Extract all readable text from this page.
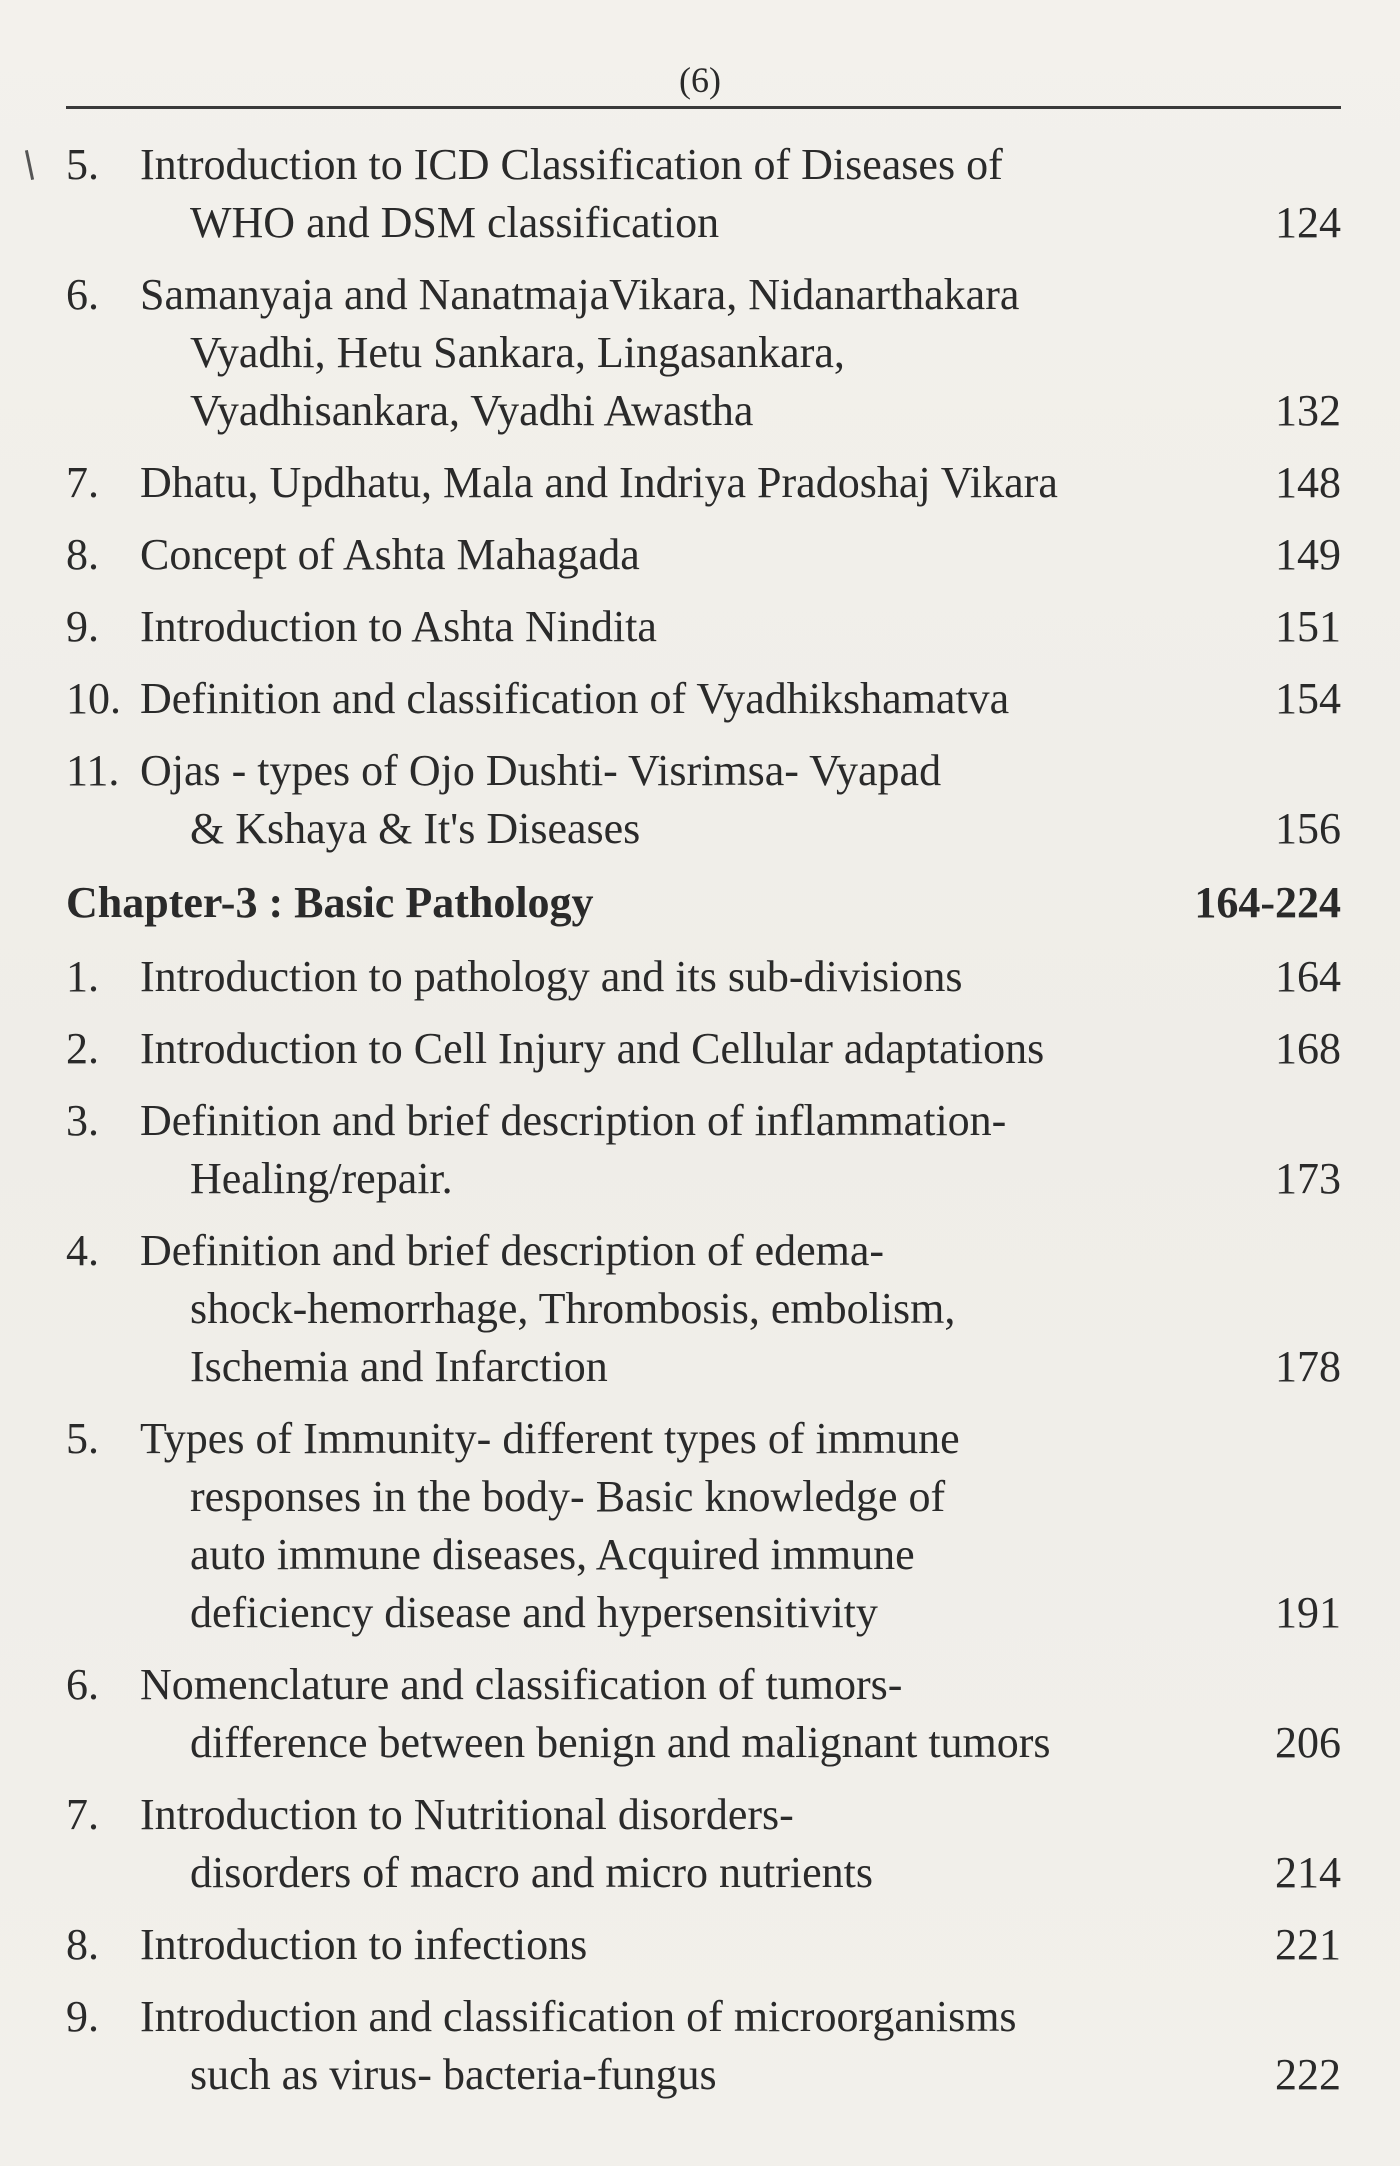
(6)
5. Introduction to ICD Classification of Diseases of
WHO and DSM classification	124
6. Samanyaja and NanatmajaVikara, Nidanarthakara
Vyadhi, Hetu Sankara, Lingasankara,
Vyadhisankara, Vyadhi Awastha	132
7. Dhatu, Updhatu, Mala and Indriya Pradoshaj Vikara	148
8. Concept of Ashta Mahagada	149
9. Introduction to Ashta Nindita	151
10. Definition and classification of Vyadhikshamatva	154
11. Ojas - types of Ojo Dushti- Visrimsa- Vyapad
& Kshaya & It's Diseases	156
Chapter-3 : Basic Pathology	164-224
1. Introduction to pathology and its sub-divisions	164
2. Introduction to Cell Injury and Cellular adaptations	168
3. Definition and brief description of inflammation-
Healing/repair.	173
4. Definition and brief description of edema-
shock-hemorrhage, Thrombosis, embolism,
Ischemia and Infarction	178
5. Types of Immunity- different types of immune
responses in the body- Basic knowledge of
auto immune diseases, Acquired immune
deficiency disease and hypersensitivity	191
6. Nomenclature and classification of tumors-
difference between benign and malignant tumors	206
7. Introduction to Nutritional disorders-
disorders of macro and micro nutrients	214
8. Introduction to infections	221
9. Introduction and classification of microorganisms
such as virus- bacteria-fungus	222
